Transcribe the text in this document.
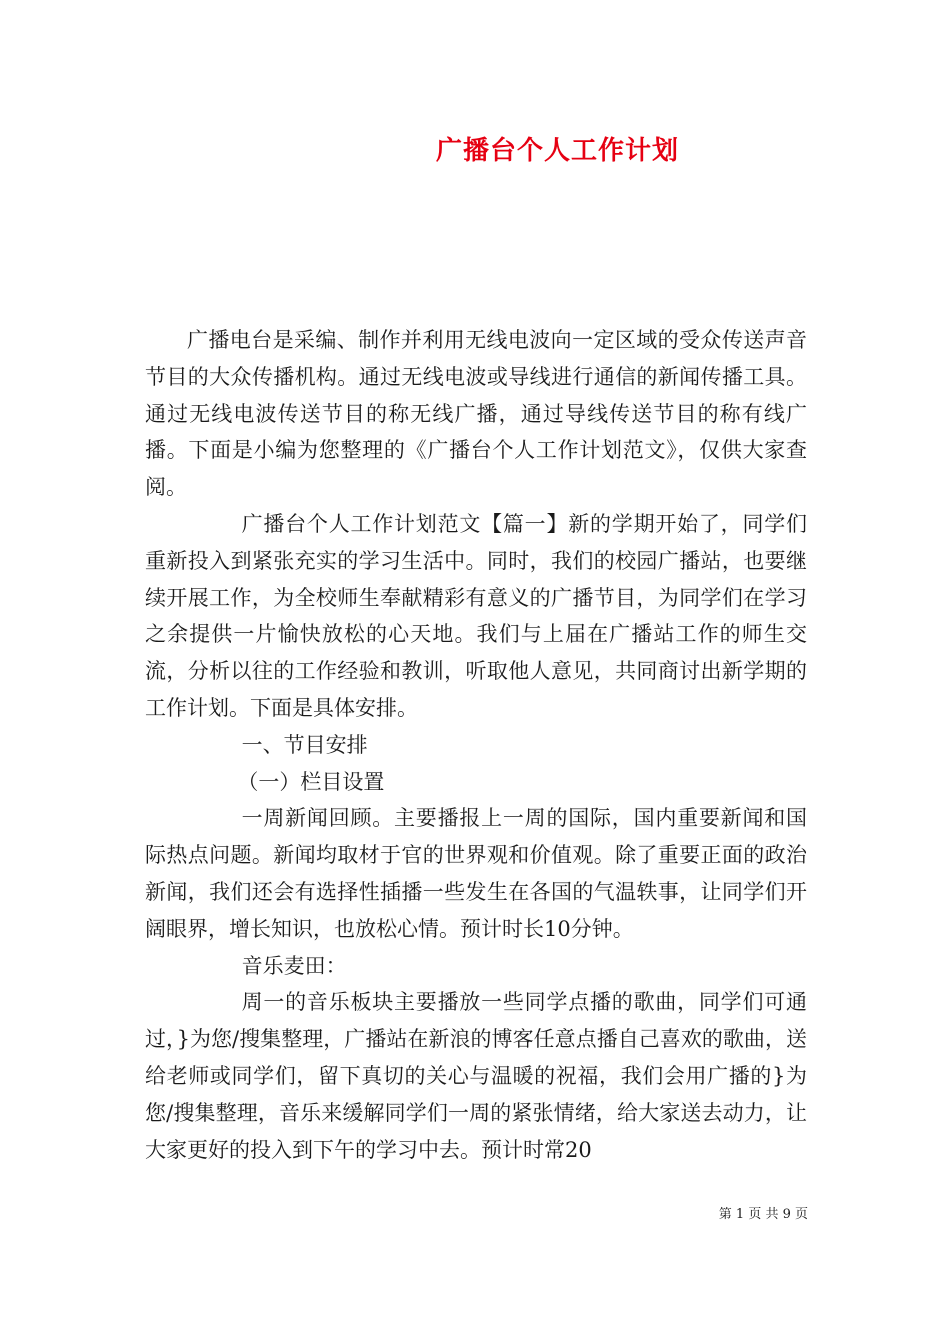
广播台个人工作计划

广播电台是采编、制作并利用无线电波向一定区域的受众传送声音节目的大众传播机构。通过无线电波或导线进行通信的新闻传播工具。通过无线电波传送节目的称无线广播，通过导线传送节目的称有线广播。下面是小编为您整理的《广播台个人工作计划范文》，仅供大家查阅。

广播台个人工作计划范文【篇一】新的学期开始了，同学们重新投入到紧张充实的学习生活中。同时，我们的校园广播站，也要继续开展工作，为全校师生奉献精彩有意义的广播节目，为同学们在学习之余提供一片愉快放松的心天地。我们与上届在广播站工作的师生交流，分析以往的工作经验和教训，听取他人意见，共同商讨出新学期的工作计划。下面是具体安排。

一、节目安排

（一）栏目设置

一周新闻回顾。主要播报上一周的国际，国内重要新闻和国际热点问题。新闻均取材于官的世界观和价值观。除了重要正面的政治新闻，我们还会有选择性插播一些发生在各国的气温轶事，让同学们开阔眼界，增长知识，也放松心情。预计时长10分钟。

音乐麦田：

周一的音乐板块主要播放一些同学点播的歌曲，同学们可通过，}为您/搜集整理，广播站在新浪的博客任意点播自己喜欢的歌曲，送给老师或同学们，留下真切的关心与温暖的祝福，我们会用广播的}为您/搜集整理，音乐来缓解同学们一周的紧张情绪，给大家送去动力，让大家更好的投入到下午的学习中去。预计时常20

第 1 页 共 9 页
